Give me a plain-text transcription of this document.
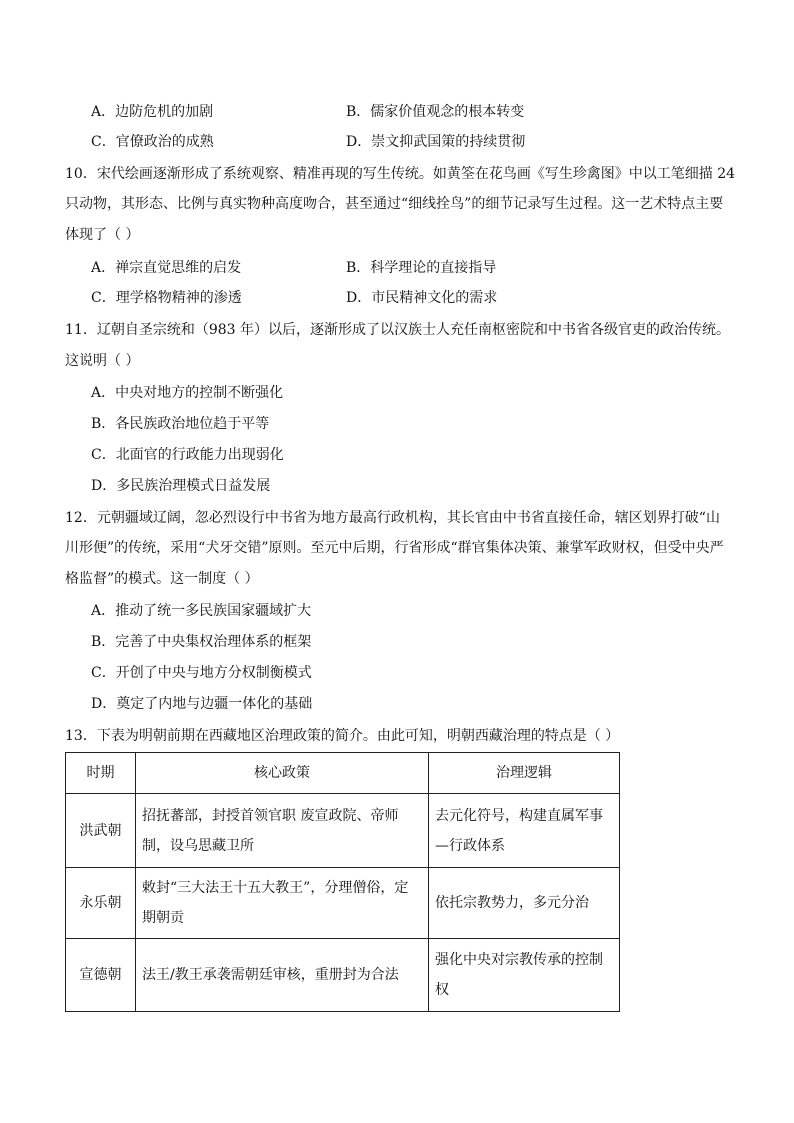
A．边防危机的加剧	B．儒家价值观念的根本转变
C．官僚政治的成熟	D．崇文抑武国策的持续贯彻
10．宋代绘画逐渐形成了系统观察、精准再现的写生传统。如黄筌在花鸟画《写生珍禽图》中以工笔细描 24
只动物，其形态、比例与真实物种高度吻合，甚至通过“细线拴鸟”的细节记录写生过程。这一艺术特点主要
体现了（ ）
A．禅宗直觉思维的启发	B．科学理论的直接指导
C．理学格物精神的渗透	D．市民精神文化的需求
11．辽朝自圣宗统和（983 年）以后，逐渐形成了以汉族士人充任南枢密院和中书省各级官吏的政治传统。
这说明（ ）
A．中央对地方的控制不断强化
B．各民族政治地位趋于平等
C．北面官的行政能力出现弱化
D．多民族治理模式日益发展
12．元朝疆域辽阔，忽必烈设行中书省为地方最高行政机构，其长官由中书省直接任命，辖区划界打破“山
川形便”的传统，采用“犬牙交错”原则。至元中后期，行省形成“群官集体决策、兼掌军政财权，但受中央严
格监督”的模式。这一制度（ ）
A．推动了统一多民族国家疆域扩大
B．完善了中央集权治理体系的框架
C．开创了中央与地方分权制衡模式
D．奠定了内地与边疆一体化的基础
13．下表为明朝前期在西藏地区治理政策的简介。由此可知，明朝西藏治理的特点是（ ）
时期	核心政策	治理逻辑
洪武朝	招抚蕃部，封授首领官职 废宣政院、帝师制，设乌思藏卫所	去元化符号，构建直属军事—行政体系
永乐朝	敕封“三大法王十五大教王”，分理僧俗，定期朝贡	依托宗教势力，多元分治
宣德朝	法王/教王承袭需朝廷审核，重册封为合法	强化中央对宗教传承的控制权
